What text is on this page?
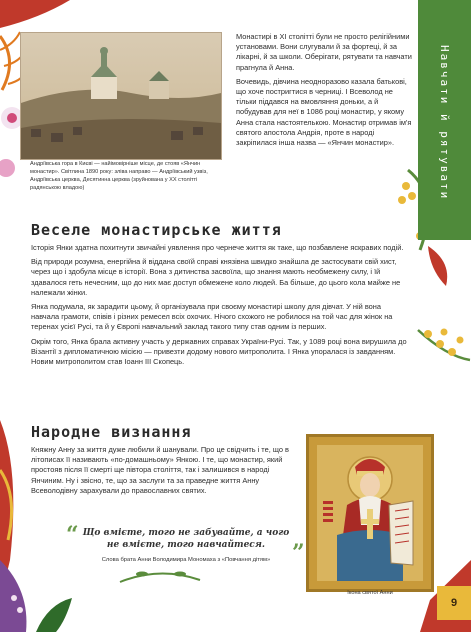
Навчати й рятувати
Андріївська гора в Києві — найімовірніше місце, де стояв «Янчин монастир». Світлина 1890 року: зліва направо — Андріївський узвіз, Андріївська церква, Десятинна церква (зруйнована у XX столітті радянською владою)

Монастирі в XI столітті були не просто релігійними установами. Вони слугували й за фортеці, й за лікарні, й за школи. Оберігати, рятувати та навчати прагнула й Анна.

Вочевидь, дівчина неодноразово казала батькові, що хоче постригтися в черниці. І Всеволод не тільки піддався на вмовляння доньки, а й побудував для неї в 1086 році монастир, у якому Анна стала настоятелькою. Монастир отримав ім'я святого апостола Андрія, проте в народі закріпилася інша назва — «Янчин монастир».

Веселе монастирське життя

Історія Янки здатна похитнути звичайні уявлення про чернече життя як таке, що позбавлене яскравих подій.

Від природи розумна, енергійна й віддана своїй справі князівна швидко знайшла де застосувати свій хист, через що і здобула місце в історії. Вона з дитинства засвоїла, що знання мають необмежену силу, і їй здавалося геть нечесним, що до них має доступ обмежене коло людей. Ба більше, до цього кола майже не належали жінки.

Янка подумала, як зарадити цьому, й організувала при своєму монастирі школу для дівчат. У ній вона навчала грамоти, співів і різних ремесел всіх охочих. Нічого схожого не робилося на той час для жінок на теренах усієї Русі, та й у Європі навчальний заклад такого типу став одним із перших.

Окрім того, Янка брала активну участь у державних справах України-Русі. Так, у 1089 році вона вирушила до Візантії з дипломатичною місією — привезти додому нового митрополита. І Янка упоралася із завданням. Новим митрополитом став Іоанн III Скопець.

Народне визнання

Княжну Анну за життя дуже любили й шанували. Про це свідчить і те, що в літописах її називають «по-домашньому» Янкою. І те, що монастир, який простояв після її смерті ще півтора століття, так і залишився в народі Янчиним. Ну і звісно, те, що за заслуги та за праведне життя Анну Всеволодівну зарахували до православних святих.

“ Що вмієте, того не забувайте, а чого
не вмієте, того навчайтеся.
Слова брата Анни Володимира Мономаха з «Повчання дітям» ”
Ікона святої Анни
9
